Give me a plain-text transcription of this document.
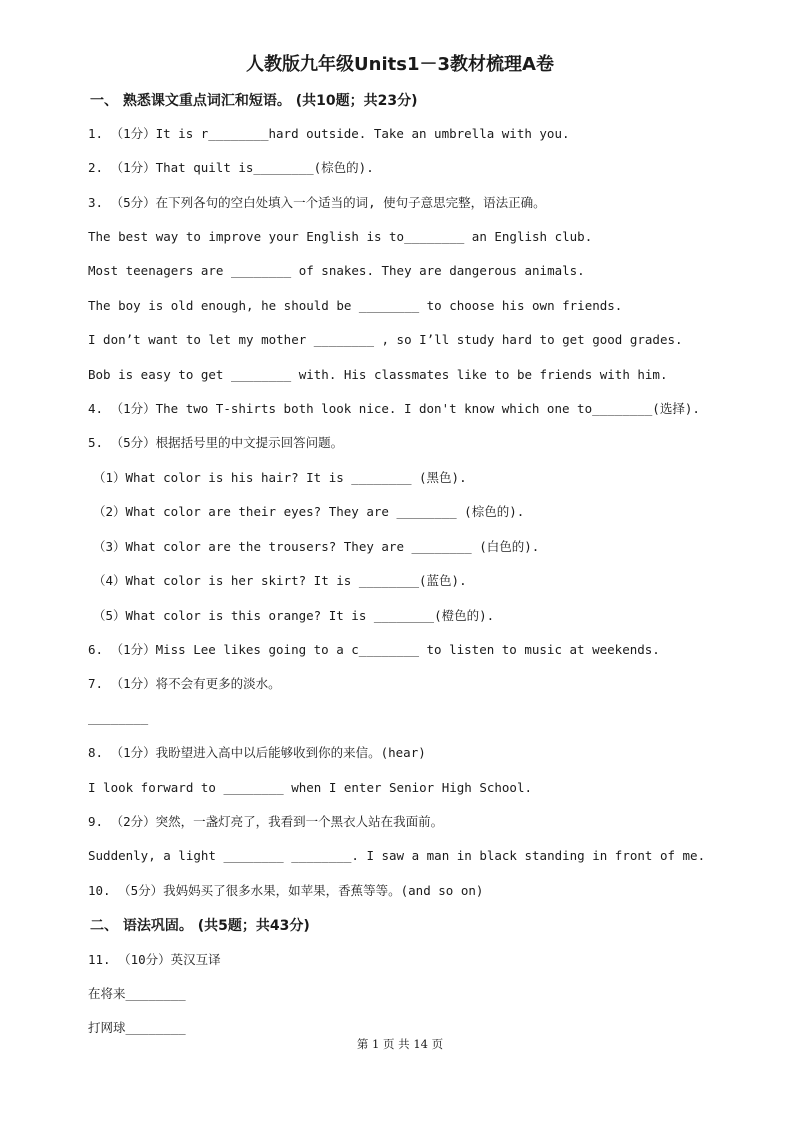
人教版九年级Units1－3教材梳理A卷
一、 熟悉课文重点词汇和短语。 (共10题；共23分)
1. （1分）It is r________hard outside. Take an umbrella with you.
2. （1分）That quilt is________(棕色的).
3. （5分）在下列各句的空白处填入一个适当的词, 使句子意思完整，语法正确。
The best way to improve your English is to________ an English club.
Most teenagers are ________ of snakes. They are dangerous animals.
The boy is old enough, he should be ________ to choose his own friends.
I don’t want to let my mother ________ , so I’ll study hard to get good grades.
Bob is easy to get ________ with. His classmates like to be friends with him.
4. （1分）The two T-shirts both look nice. I don't know which one to________(选择).
5. （5分）根据括号里的中文提示回答问题。
（1）What color is his hair? It is ________ (黑色).
（2）What color are their eyes? They are ________ (棕色的).
（3）What color are the trousers? They are ________ (白色的).
（4）What color is her skirt? It is ________(蓝色).
（5）What color is this orange? It is ________(橙色的).
6. （1分）Miss Lee likes going to a c________ to listen to music at weekends.
7. （1分）将不会有更多的淡水。
________
8. （1分）我盼望进入高中以后能够收到你的来信。(hear)
I look forward to ________ when I enter Senior High School.
9. （2分）突然，一盏灯亮了，我看到一个黑衣人站在我面前。
Suddenly, a light ________ ________. I saw a man in black standing in front of me.
10. （5分）我妈妈买了很多水果，如苹果，香蕉等等。(and so on)
二、 语法巩固。 (共5题；共43分)
11. （10分）英汉互译
在将来________
打网球________
第 1 页 共 14 页
